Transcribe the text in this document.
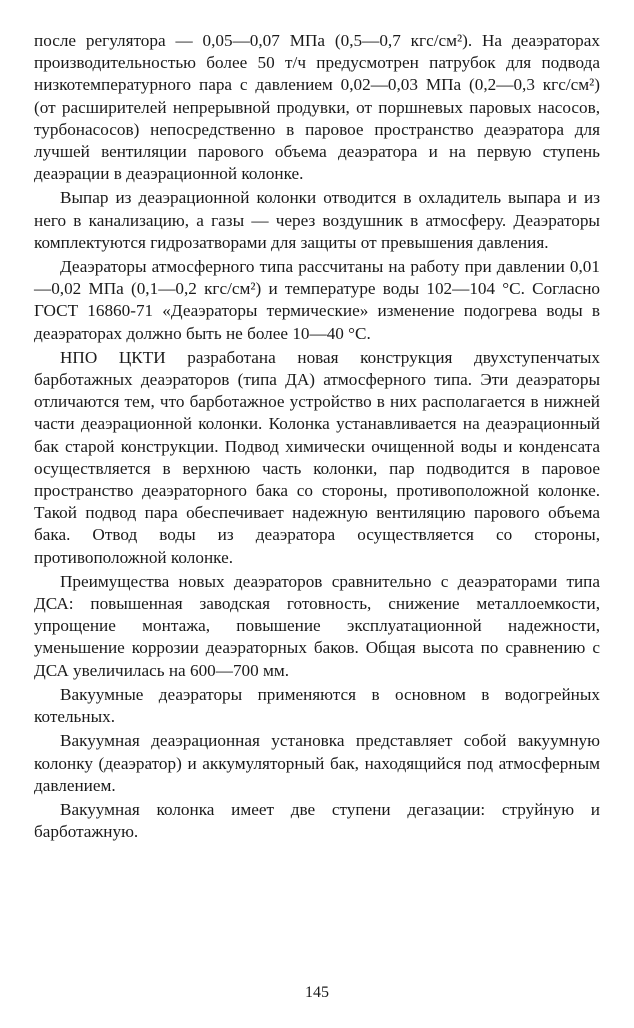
после регулятора — 0,05—0,07 МПа (0,5—0,7 кгс/см²). На деаэраторах производительностью более 50 т/ч предусмотрен патрубок для подвода низкотемпературного пара с давлением 0,02—0,03 МПа (0,2—0,3 кгс/см²) (от расширителей непрерывной продувки, от поршневых паровых насосов, турбонасосов) непосредственно в паровое пространство деаэратора для лучшей вентиляции парового объема деаэратора и на первую ступень деаэрации в деаэрационной колонке.

Выпар из деаэрационной колонки отводится в охладитель выпара и из него в канализацию, а газы — через воздушник в атмосферу. Деаэраторы комплектуются гидрозатворами для защиты от превышения давления.

Деаэраторы атмосферного типа рассчитаны на работу при давлении 0,01—0,02 МПа (0,1—0,2 кгс/см²) и температуре воды 102—104 °С. Согласно ГОСТ 16860-71 «Деаэраторы термические» изменение подогрева воды в деаэраторах должно быть не более 10—40 °С.

НПО ЦКТИ разработана новая конструкция двухступенчатых барботажных деаэраторов (типа ДА) атмосферного типа. Эти деаэраторы отличаются тем, что барботажное устройство в них располагается в нижней части деаэрационной колонки. Колонка устанавливается на деаэрационный бак старой конструкции. Подвод химически очищенной воды и конденсата осуществляется в верхнюю часть колонки, пар подводится в паровое пространство деаэраторного бака со стороны, противоположной колонке. Такой подвод пара обеспечивает надежную вентиляцию парового объема бака. Отвод воды из деаэратора осуществляется со стороны, противоположной колонке.

Преимущества новых деаэраторов сравнительно с деаэраторами типа ДСА: повышенная заводская готовность, снижение металлоемкости, упрощение монтажа, повышение эксплуатационной надежности, уменьшение коррозии деаэраторных баков. Общая высота по сравнению с ДСА увеличилась на 600—700 мм.

Вакуумные деаэраторы применяются в основном в водогрейных котельных.

Вакуумная деаэрационная установка представляет собой вакуумную колонку (деаэратор) и аккумуляторный бак, находящийся под атмосферным давлением.

Вакуумная колонка имеет две ступени дегазации: струйную и барботажную.

145
